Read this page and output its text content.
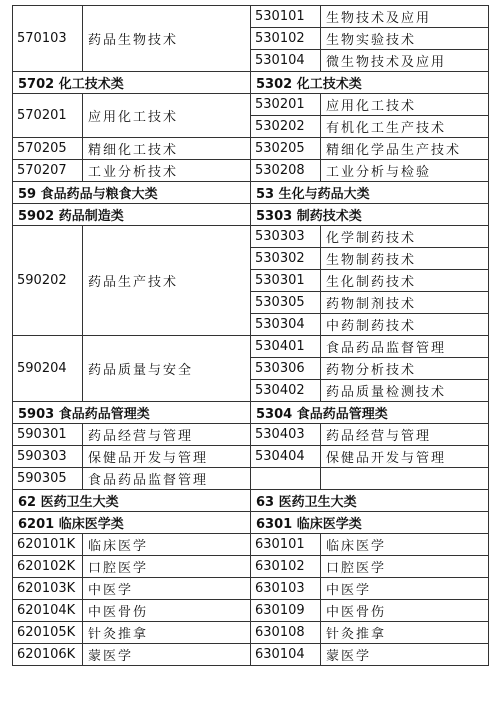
570103	药品生物技术	530101	生物技术及应用
		530102	生物实验技术
		530104	微生物技术及应用
5702 化工技术类		5302 化工技术类	
570201	应用化工技术	530201	应用化工技术
		530202	有机化工生产技术
570205	精细化工技术	530205	精细化学品生产技术
570207	工业分析技术	530208	工业分析与检验
59 食品药品与粮食大类		53 生化与药品大类	
5902 药品制造类		5303 制药技术类	
590202	药品生产技术	530303	化学制药技术
		530302	生物制药技术
		530301	生化制药技术
		530305	药物制剂技术
		530304	中药制药技术
590204	药品质量与安全	530401	食品药品监督管理
		530306	药物分析技术
		530402	药品质量检测技术
5903 食品药品管理类		5304 食品药品管理类	
590301	药品经营与管理	530403	药品经营与管理
590303	保健品开发与管理	530404	保健品开发与管理
590305	食品药品监督管理		
62 医药卫生大类		63 医药卫生大类	
6201 临床医学类		6301 临床医学类	
620101K	临床医学	630101	临床医学
620102K	口腔医学	630102	口腔医学
620103K	中医学	630103	中医学
620104K	中医骨伤	630109	中医骨伤
620105K	针灸推拿	630108	针灸推拿
620106K	蒙医学	630104	蒙医学
